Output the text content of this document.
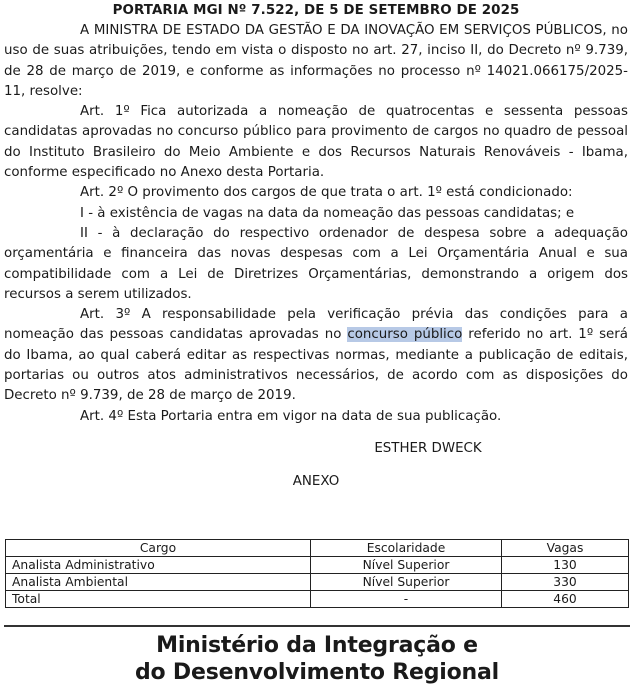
PORTARIA MGI Nº 7.522, DE 5 DE SETEMBRO DE 2025

A MINISTRA DE ESTADO DA GESTÃO E DA INOVAÇÃO EM SERVIÇOS PÚBLICOS, no uso de suas atribuições, tendo em vista o disposto no art. 27, inciso II, do Decreto nº 9.739, de 28 de março de 2019, e conforme as informações no processo nº 14021.066175/2025-11, resolve:

Art. 1º Fica autorizada a nomeação de quatrocentas e sessenta pessoas candidatas aprovadas no concurso público para provimento de cargos no quadro de pessoal do Instituto Brasileiro do Meio Ambiente e dos Recursos Naturais Renováveis - Ibama, conforme especificado no Anexo desta Portaria.

Art. 2º O provimento dos cargos de que trata o art. 1º está condicionado:

I - à existência de vagas na data da nomeação das pessoas candidatas; e

II - à declaração do respectivo ordenador de despesa sobre a adequação orçamentária e financeira das novas despesas com a Lei Orçamentária Anual e sua compatibilidade com a Lei de Diretrizes Orçamentárias, demonstrando a origem dos recursos a serem utilizados.

Art. 3º A responsabilidade pela verificação prévia das condições para a nomeação das pessoas candidatas aprovadas no concurso público referido no art. 1º será do Ibama, ao qual caberá editar as respectivas normas, mediante a publicação de editais, portarias ou outros atos administrativos necessários, de acordo com as disposições do Decreto nº 9.739, de 28 de março de 2019.

Art. 4º Esta Portaria entra em vigor na data de sua publicação.

ESTHER DWECK
ANEXO
Cargo	Escolaridade	Vagas
Analista Administrativo	Nível Superior	130
Analista Ambiental	Nível Superior	330
Total	-	460
Ministério da Integração e
do Desenvolvimento Regional
